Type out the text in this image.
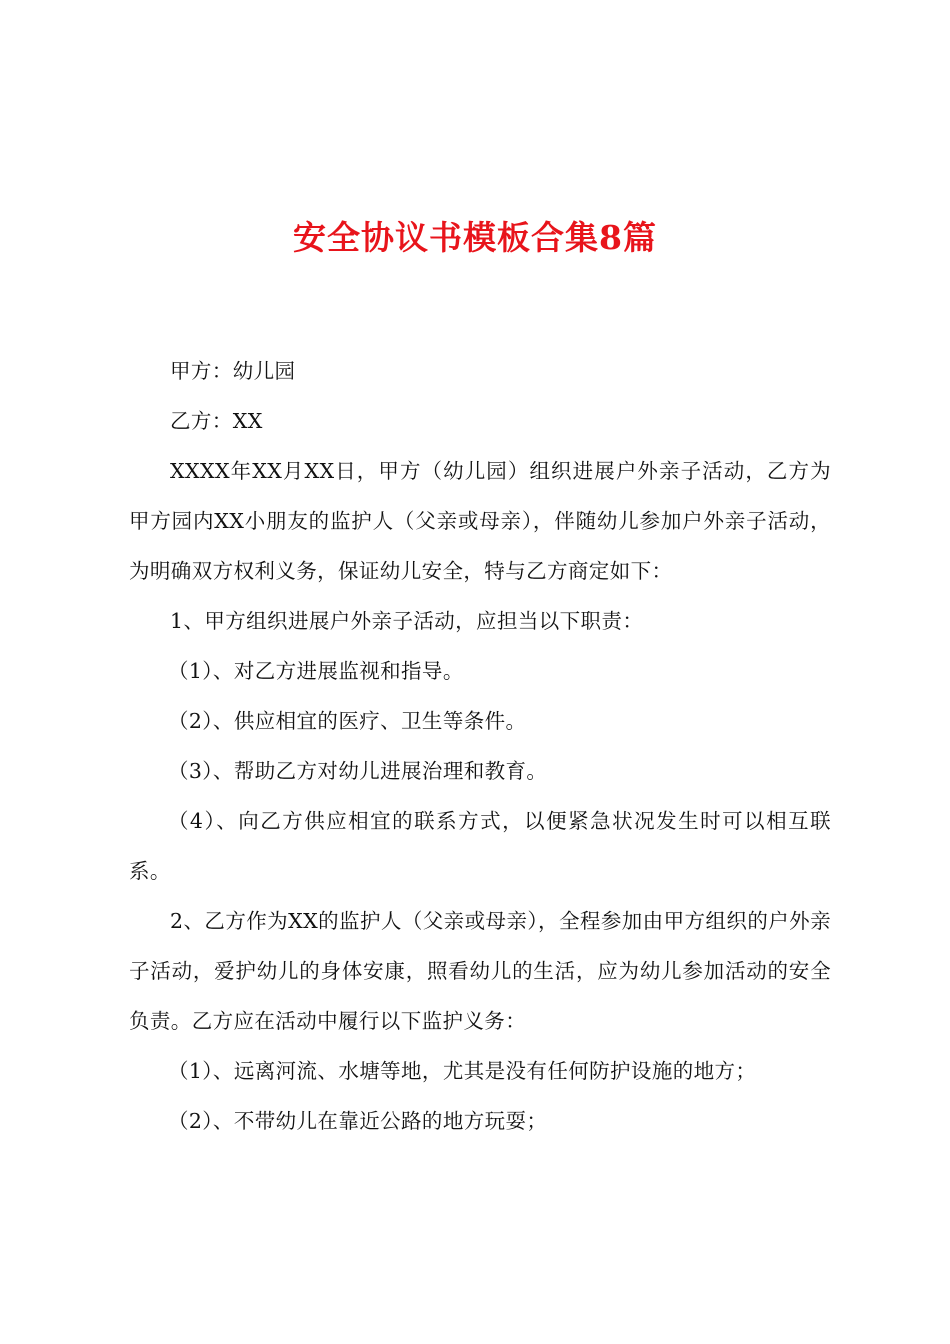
安全协议书模板合集8篇

甲方：幼儿园

乙方：XX

XXXX年XX月XX日，甲方（幼儿园）组织进展户外亲子活动，乙方为甲方园内XX小朋友的监护人（父亲或母亲），伴随幼儿参加户外亲子活动，为明确双方权利义务，保证幼儿安全，特与乙方商定如下：

1、甲方组织进展户外亲子活动，应担当以下职责：

（1）、对乙方进展监视和指导。

（2）、供应相宜的医疗、卫生等条件。

（3）、帮助乙方对幼儿进展治理和教育。

（4）、向乙方供应相宜的联系方式，以便紧急状况发生时可以相互联系。

2、乙方作为XX的监护人（父亲或母亲），全程参加由甲方组织的户外亲子活动，爱护幼儿的身体安康，照看幼儿的生活，应为幼儿参加活动的安全负责。乙方应在活动中履行以下监护义务：

（1）、远离河流、水塘等地，尤其是没有任何防护设施的地方；

（2）、不带幼儿在靠近公路的地方玩耍；
